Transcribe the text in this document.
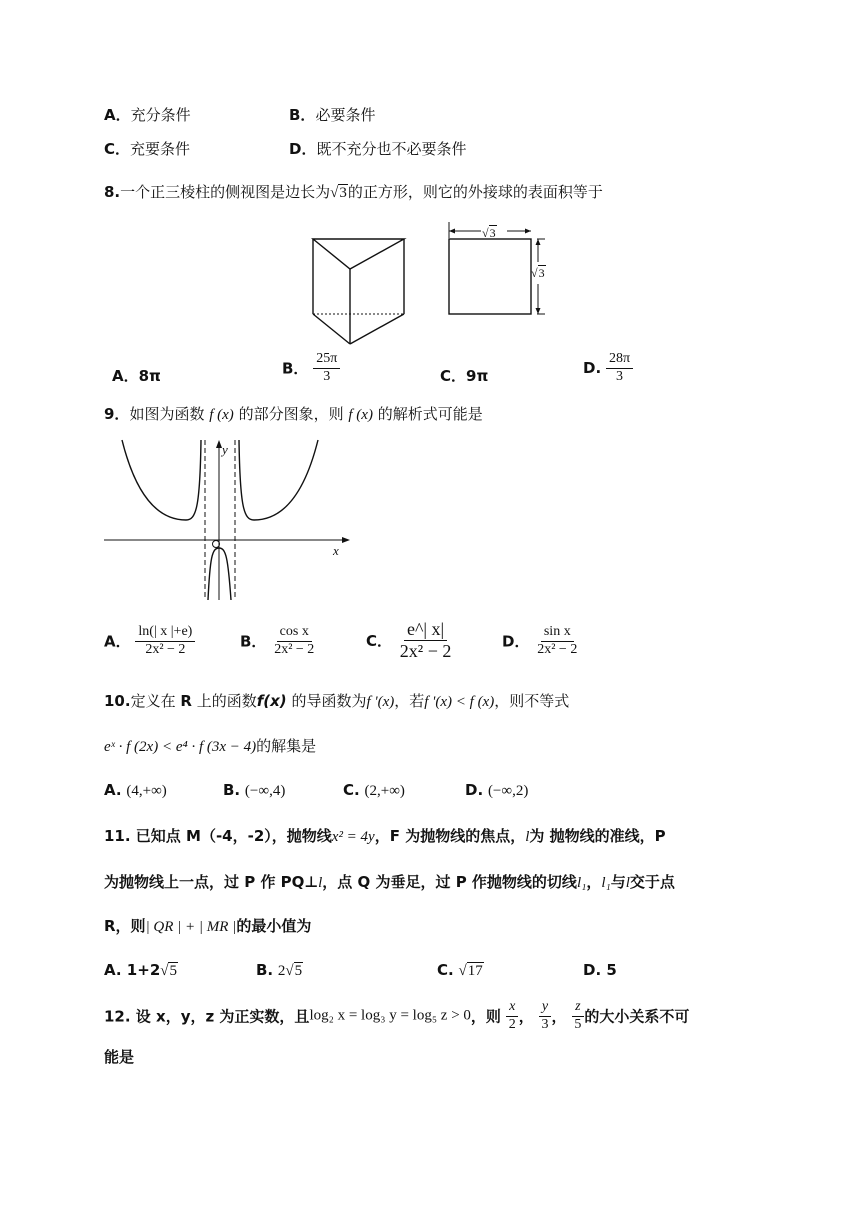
A．充分条件	B．必要条件
C．充要条件	D．既不充分也不必要条件
8.一个正三棱柱的侧视图是边长为√3的正方形，则它的外接球的表面积等于
√3
√3
A．8π	B． $\frac{25\pi}{3}$	C．9π	D. $\frac{28\pi}{3}$
9．如图为函数 f (x) 的部分图象，则 f (x) 的解析式可能是
y
x
A． $\frac{\ln(| x |+e)}{\text{2x² − 2}}$	B． $\frac{\text{cos x}}{\text{2x² − 2}}$	C． $\frac{e\^{}| x|}{\text{2x² − 2}}$	D． $\frac{\text{sin x}}{\text{2x² − 2}}$
10.定义在 R 上的函数f(x) 的导函数为f '(x)，若f '(x) < f (x)，则不等式
eˣ · f (2x) < e⁴ · f (3x − 4)的解集是
A. (4,+∞)	B. (−∞,4)	C. (2,+∞)	D. (−∞,2)
11. 已知点 M（-4，-2），抛物线x² = 4y，F 为抛物线的焦点，l为 抛物线的准线，P
为抛物线上一点，过 P 作 PQ⊥l，点 Q 为垂足，过 P 作抛物线的切线l₁，l₁与l交于点
R，则| QR | + | MR |的最小值为
A. 1+2√5	B. 2√5	C. √17	D. 5
12. 设 x，y，z 为正实数，且log₂ x = log₃ y = log₅ z > 0，则 $\frac{x}{2}$ ， $\frac{y}{3}$ ， $\frac{z}{5}$ 的大小关系不可
能是
